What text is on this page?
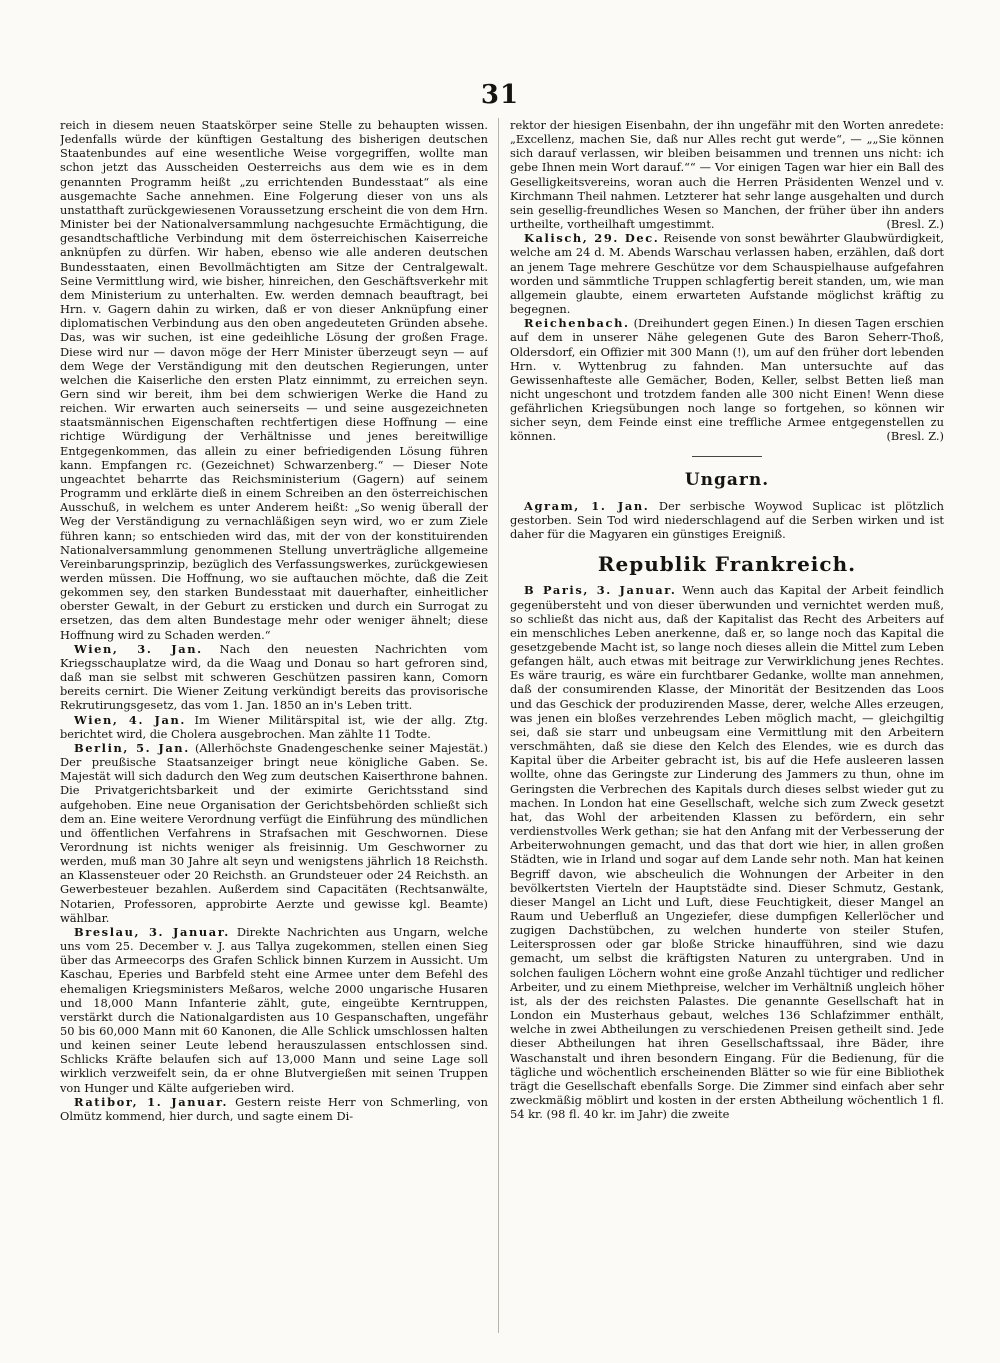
31

reich in diesem neuen Staatskörper seine Stelle zu behaupten wissen. Jedenfalls würde der künftigen Gestaltung des bisherigen deutschen Staatenbundes auf eine wesentliche Weise vorgegriffen, wollte man schon jetzt das Ausscheiden Oesterreichs aus dem wie es in dem genannten Programm heißt „zu errichtenden Bundesstaat“ als eine ausgemachte Sache annehmen. Eine Folgerung dieser von uns als unstatthaft zurückgewiesenen Voraussetzung erscheint die von dem Hrn. Minister bei der Nationalversammlung nachgesuchte Ermächtigung, die gesandtschaftliche Verbindung mit dem österreichischen Kaiserreiche anknüpfen zu dürfen. Wir haben, ebenso wie alle anderen deutschen Bundesstaaten, einen Bevollmächtigten am Sitze der Centralgewalt. Seine Vermittlung wird, wie bisher, hinreichen, den Geschäftsverkehr mit dem Ministerium zu unterhalten. Ew. werden demnach beauftragt, bei Hrn. v. Gagern dahin zu wirken, daß er von dieser Anknüpfung einer diplomatischen Verbindung aus den oben angedeuteten Gründen absehe. Das, was wir suchen, ist eine gedeihliche Lösung der großen Frage. Diese wird nur — davon möge der Herr Minister überzeugt seyn — auf dem Wege der Verständigung mit den deutschen Regierungen, unter welchen die Kaiserliche den ersten Platz einnimmt, zu erreichen seyn. Gern sind wir bereit, ihm bei dem schwierigen Werke die Hand zu reichen. Wir erwarten auch seinerseits — und seine ausgezeichneten staatsmännischen Eigenschaften rechtfertigen diese Hoffnung — eine richtige Würdigung der Verhältnisse und jenes bereitwillige Entgegenkommen, das allein zu einer befriedigenden Lösung führen kann. Empfangen rc. (Gezeichnet) Schwarzenberg.“ — Dieser Note ungeachtet beharrte das Reichsministerium (Gagern) auf seinem Programm und erklärte dieß in einem Schreiben an den österreichischen Ausschuß, in welchem es unter Anderem heißt: „So wenig überall der Weg der Verständigung zu vernachläßigen seyn wird, wo er zum Ziele führen kann; so entschieden wird das, mit der von der konstituirenden Nationalversammlung genommenen Stellung unverträgliche allgemeine Vereinbarungsprinzip, bezüglich des Verfassungswerkes, zurückgewiesen werden müssen. Die Hoffnung, wo sie auftauchen möchte, daß die Zeit gekommen sey, den starken Bundesstaat mit dauerhafter, einheitlicher oberster Gewalt, in der Geburt zu ersticken und durch ein Surrogat zu ersetzen, das dem alten Bundestage mehr oder weniger ähnelt; diese Hoffnung wird zu Schaden werden.“

Wien, 3. Jan. Nach den neuesten Nachrichten vom Kriegsschauplatze wird, da die Waag und Donau so hart gefroren sind, daß man sie selbst mit schweren Geschützen passiren kann, Comorn bereits cernirt. Die Wiener Zeitung verkündigt bereits das provisorische Rekrutirungsgesetz, das vom 1. Jan. 1850 an in's Leben tritt.

Wien, 4. Jan. Im Wiener Militärspital ist, wie der allg. Ztg. berichtet wird, die Cholera ausgebrochen. Man zählte 11 Todte.

Berlin, 5. Jan. (Allerhöchste Gnadengeschenke seiner Majestät.) Der preußische Staatsanzeiger bringt neue königliche Gaben. Se. Majestät will sich dadurch den Weg zum deutschen Kaiserthrone bahnen. Die Privatgerichtsbarkeit und der eximirte Gerichtsstand sind aufgehoben. Eine neue Organisation der Gerichtsbehörden schließt sich dem an. Eine weitere Verordnung verfügt die Einführung des mündlichen und öffentlichen Verfahrens in Strafsachen mit Geschwornen. Diese Verordnung ist nichts weniger als freisinnig. Um Geschworner zu werden, muß man 30 Jahre alt seyn und wenigstens jährlich 18 Reichsth. an Klassensteuer oder 20 Reichsth. an Grundsteuer oder 24 Reichsth. an Gewerbesteuer bezahlen. Außerdem sind Capacitäten (Rechtsanwälte, Notarien, Professoren, approbirte Aerzte und gewisse kgl. Beamte) wählbar.

Breslau, 3. Januar. Direkte Nachrichten aus Ungarn, welche uns vom 25. December v. J. aus Tallya zugekommen, stellen einen Sieg über das Armeecorps des Grafen Schlick binnen Kurzem in Aussicht. Um Kaschau, Eperies und Barbfeld steht eine Armee unter dem Befehl des ehemaligen Kriegsministers Meßaros, welche 2000 ungarische Husaren und 18,000 Mann Infanterie zählt, gute, eingeübte Kerntruppen, verstärkt durch die Nationalgardisten aus 10 Gespanschaften, ungefähr 50 bis 60,000 Mann mit 60 Kanonen, die Alle Schlick umschlossen halten und keinen seiner Leute lebend herauszulassen entschlossen sind. Schlicks Kräfte belaufen sich auf 13,000 Mann und seine Lage soll wirklich verzweifelt sein, da er ohne Blutvergießen mit seinen Truppen von Hunger und Kälte aufgerieben wird.

Ratibor, 1. Januar. Gestern reiste Herr von Schmerling, von Olmütz kommend, hier durch, und sagte einem Di-

rektor der hiesigen Eisenbahn, der ihn ungefähr mit den Worten anredete: „Excellenz, machen Sie, daß nur Alles recht gut werde“, — „„Sie können sich darauf verlassen, wir bleiben beisammen und trennen uns nicht: ich gebe Ihnen mein Wort darauf.““ — Vor einigen Tagen war hier ein Ball des Geselligkeitsvereins, woran auch die Herren Präsidenten Wenzel und v. Kirchmann Theil nahmen. Letzterer hat sehr lange ausgehalten und durch sein gesellig-freundliches Wesen so Manchen, der früher über ihn anders urtheilte, vortheilhaft umgestimmt.	(Bresl. Z.)

Kalisch, 29. Dec. Reisende von sonst bewährter Glaubwürdigkeit, welche am 24 d. M. Abends Warschau verlassen haben, erzählen, daß dort an jenem Tage mehrere Geschütze vor dem Schauspielhause aufgefahren worden und sämmtliche Truppen schlagfertig bereit standen, um, wie man allgemein glaubte, einem erwarteten Aufstande möglichst kräftig zu begegnen.

Reichenbach. (Dreihundert gegen Einen.) In diesen Tagen erschien auf dem in unserer Nähe gelegenen Gute des Baron Seherr-Thoß, Oldersdorf, ein Offizier mit 300 Mann (!), um auf den früher dort lebenden Hrn. v. Wyttenbrug zu fahnden. Man untersuchte auf das Gewissenhafteste alle Gemächer, Boden, Keller, selbst Betten ließ man nicht ungeschont und trotzdem fanden alle 300 nicht Einen! Wenn diese gefährlichen Kriegsübungen noch lange so fortgehen, so können wir sicher seyn, dem Feinde einst eine treffliche Armee entgegenstellen zu können.	(Bresl. Z.)

Ungarn.

Agram, 1. Jan. Der serbische Woywod Suplicac ist plötzlich gestorben. Sein Tod wird niederschlagend auf die Serben wirken und ist daher für die Magyaren ein günstiges Ereigniß.

Republik Frankreich.

B Paris, 3. Januar. Wenn auch das Kapital der Arbeit feindlich gegenübersteht und von dieser überwunden und vernichtet werden muß, so schließt das nicht aus, daß der Kapitalist das Recht des Arbeiters auf ein menschliches Leben anerkenne, daß er, so lange noch das Kapital die gesetzgebende Macht ist, so lange noch dieses allein die Mittel zum Leben gefangen hält, auch etwas mit beitrage zur Verwirklichung jenes Rechtes. Es wäre traurig, es wäre ein furchtbarer Gedanke, wollte man annehmen, daß der consumirenden Klasse, der Minorität der Besitzenden das Loos und das Geschick der produzirenden Masse, derer, welche Alles erzeugen, was jenen ein bloßes verzehrendes Leben möglich macht, — gleichgiltig sei, daß sie starr und unbeugsam eine Vermittlung mit den Arbeitern verschmähten, daß sie diese den Kelch des Elendes, wie es durch das Kapital über die Arbeiter gebracht ist, bis auf die Hefe ausleeren lassen wollte, ohne das Geringste zur Linderung des Jammers zu thun, ohne im Geringsten die Verbrechen des Kapitals durch dieses selbst wieder gut zu machen. In London hat eine Gesellschaft, welche sich zum Zweck gesetzt hat, das Wohl der arbeitenden Klassen zu befördern, ein sehr verdienstvolles Werk gethan; sie hat den Anfang mit der Verbesserung der Arbeiterwohnungen gemacht, und das that dort wie hier, in allen großen Städten, wie in Irland und sogar auf dem Lande sehr noth. Man hat keinen Begriff davon, wie abscheulich die Wohnungen der Arbeiter in den bevölkertsten Vierteln der Hauptstädte sind. Dieser Schmutz, Gestank, dieser Mangel an Licht und Luft, diese Feuchtigkeit, dieser Mangel an Raum und Ueberfluß an Ungeziefer, diese dumpfigen Kellerlöcher und zugigen Dachstübchen, zu welchen hunderte von steiler Stufen, Leitersprossen oder gar bloße Stricke hinaufführen, sind wie dazu gemacht, um selbst die kräftigsten Naturen zu untergraben. Und in solchen fauligen Löchern wohnt eine große Anzahl tüchtiger und redlicher Arbeiter, und zu einem Miethpreise, welcher im Verhältniß ungleich höher ist, als der des reichsten Palastes. Die genannte Gesellschaft hat in London ein Musterhaus gebaut, welches 136 Schlafzimmer enthält, welche in zwei Abtheilungen zu verschiedenen Preisen getheilt sind. Jede dieser Abtheilungen hat ihren Gesellschaftssaal, ihre Bäder, ihre Waschanstalt und ihren besondern Eingang. Für die Bedienung, für die tägliche und wöchentlich erscheinenden Blätter so wie für eine Bibliothek trägt die Gesellschaft ebenfalls Sorge. Die Zimmer sind einfach aber sehr zweckmäßig möblirt und kosten in der ersten Abtheilung wöchentlich 1 fl. 54 kr. (98 fl. 40 kr. im Jahr) die zweite
